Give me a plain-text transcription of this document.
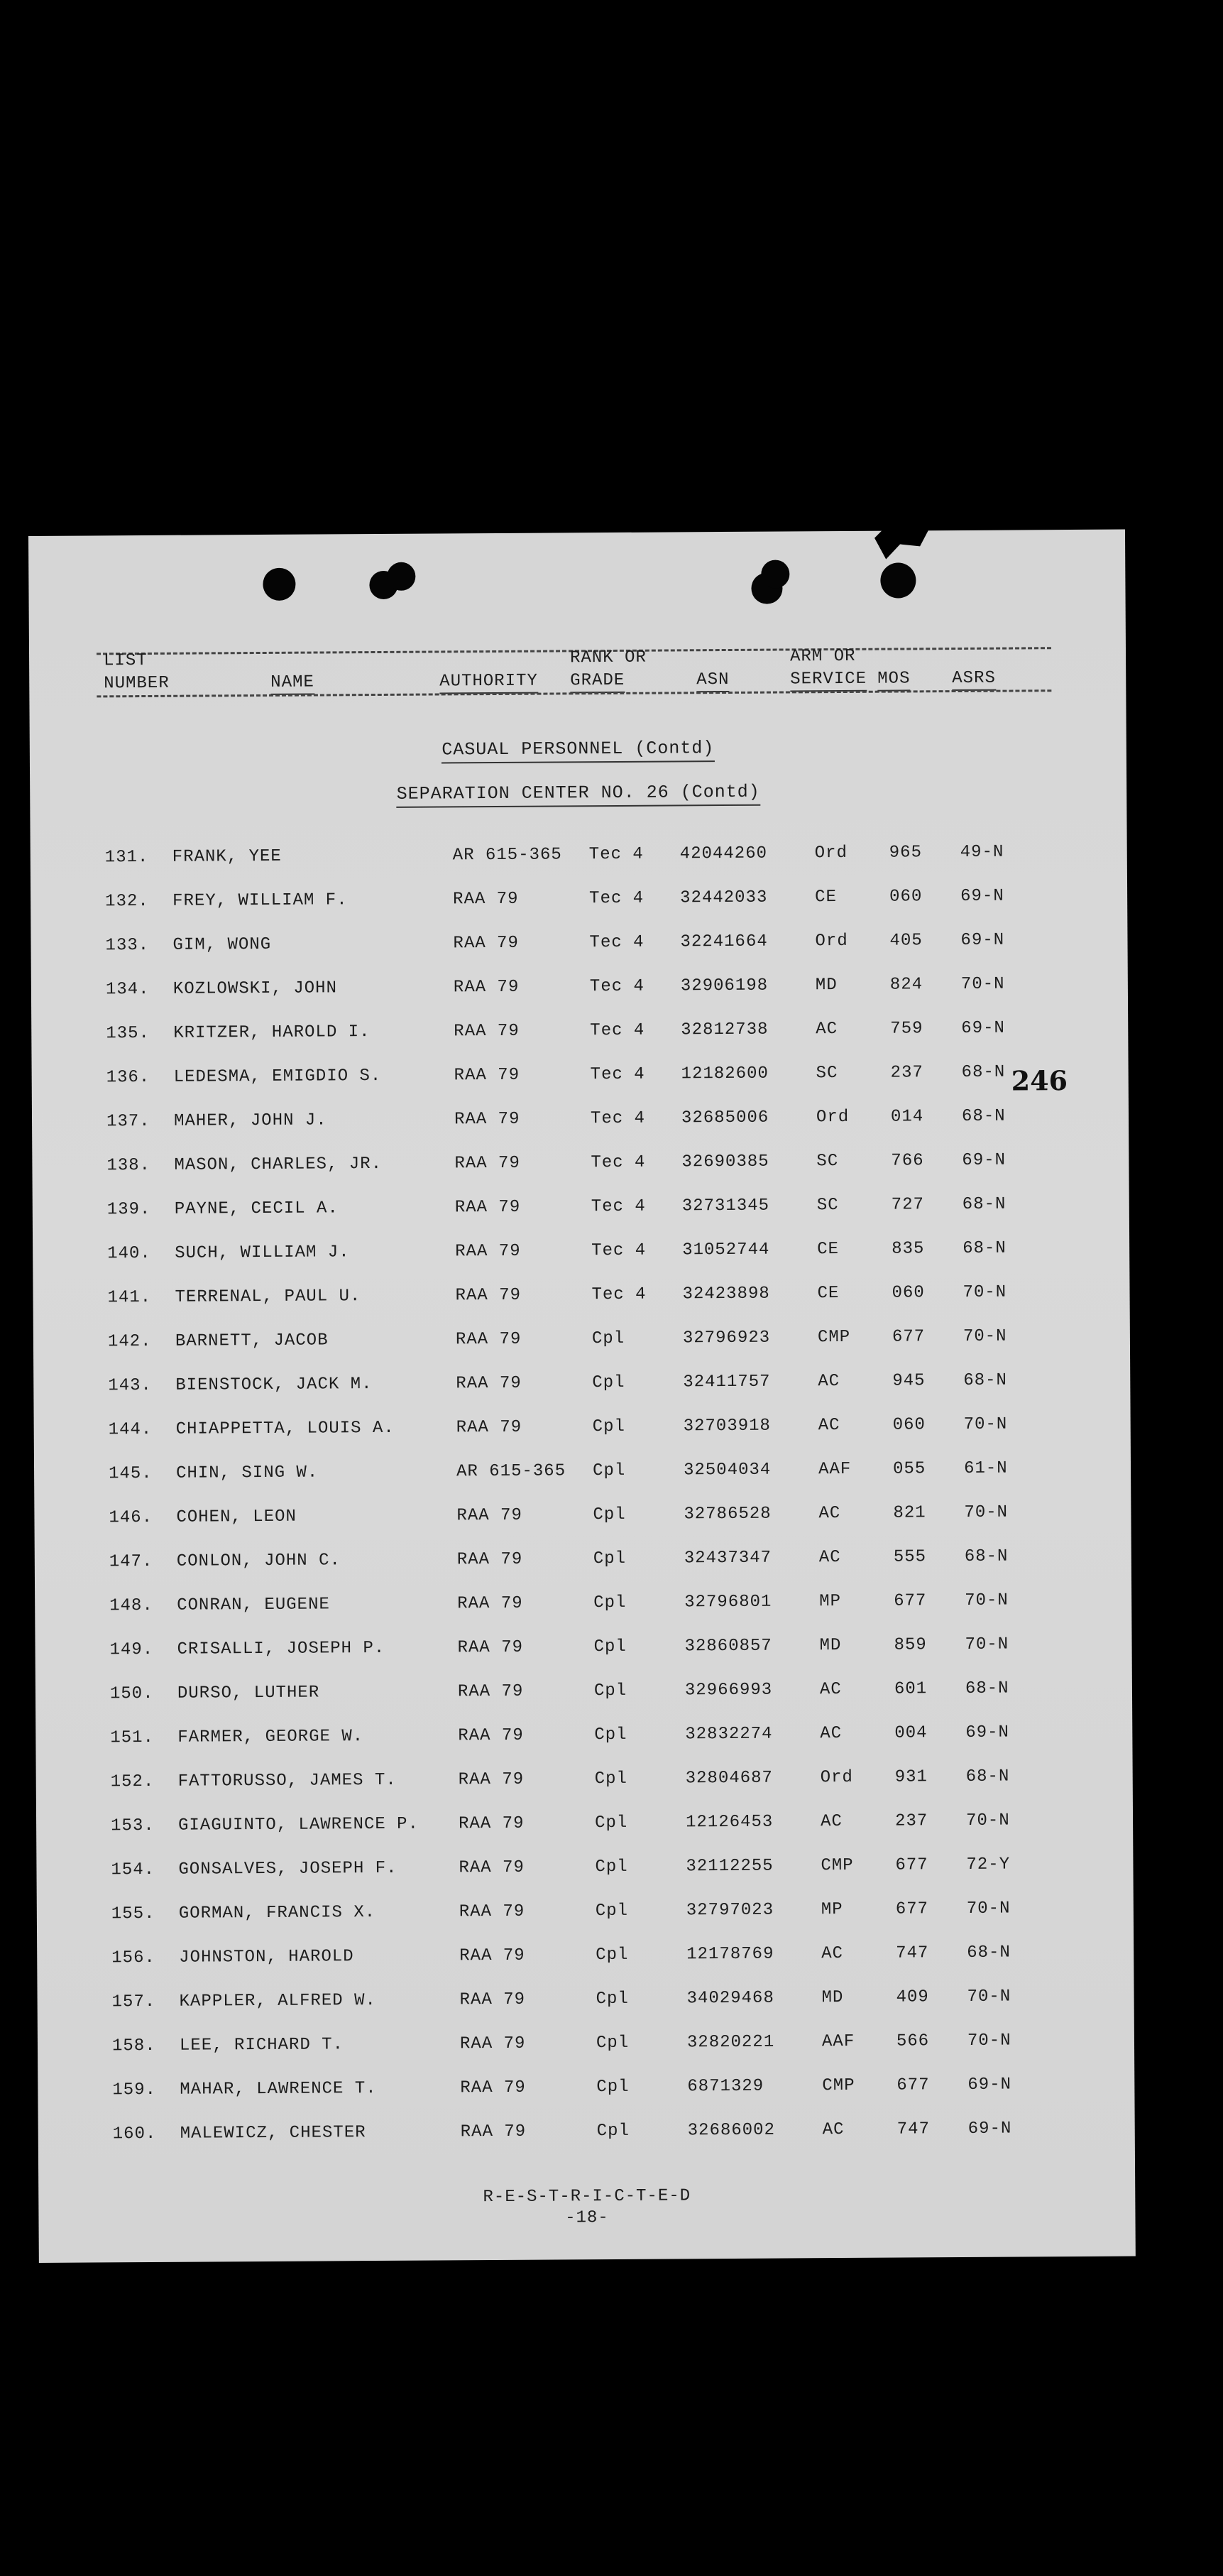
LIST
NUMBER	NAME	AUTHORITY
RANK OR
GRADE	ASN
ARM OR
SERVICE MOS ASRS
CASUAL PERSONNEL (Contd)
SEPARATION CENTER NO. 26 (Contd)
131. FRANK, YEE	AR 615-365 Tec 4 42044260	Ord 965 49-N
132. FREY, WILLIAM F.	RAA 79	Tec 4 32442033	CE	060 69-N
133. GIM, WONG	RAA 79	Tec 4 32241664	Ord 405 69-N
134. KOZLOWSKI, JOHN	RAA 79	Tec 4 32906198	MD	824 70-N
135. KRITZER, HAROLD I.	RAA 79	Tec 4 32812738	AC	759 69-N
136. LEDESMA, EMIGDIO S.	RAA 79	Tec 4 12182600	SC	237 68-N
137. MAHER, JOHN J.	RAA 79	Tec 4 32685006	Ord 014 68-N
138. MASON, CHARLES, JR.	RAA 79	Tec 4 32690385	SC	766 69-N
139. PAYNE, CECIL A.	RAA 79	Tec 4 32731345	SC	727 68-N
140. SUCH, WILLIAM J.	RAA 79	Tec 4 31052744	CE	835 68-N
141. TERRENAL, PAUL U.	RAA 79	Tec 4 32423898	CE	060 70-N
142. BARNETT, JACOB	RAA 79	Cpl	32796923	CMP 677 70-N
143. BIENSTOCK, JACK M.	RAA 79	Cpl	32411757	AC	945 68-N
144. CHIAPPETTA, LOUIS A.	RAA 79	Cpl	32703918	AC	060 70-N
145. CHIN, SING W.	AR 615-365 Cpl	32504034	AAF 055 61-N
146. COHEN, LEON	RAA 79	Cpl	32786528	AC	821 70-N
147. CONLON, JOHN C.	RAA 79	Cpl	32437347	AC	555 68-N
148. CONRAN, EUGENE	RAA 79	Cpl	32796801	MP	677 70-N
149. CRISALLI, JOSEPH P.	RAA 79	Cpl	32860857	MD	859 70-N
150. DURSO, LUTHER	RAA 79	Cpl	32966993	AC	601 68-N
151. FARMER, GEORGE W.	RAA 79	Cpl	32832274	AC	004 69-N
152. FATTORUSSO, JAMES T.	RAA 79	Cpl	32804687	Ord 931 68-N
153. GIAGUINTO, LAWRENCE P. RAA 79	Cpl	12126453	AC	237 70-N
154. GONSALVES, JOSEPH F.	RAA 79	Cpl	32112255	CMP 677 72-Y
155. GORMAN, FRANCIS X.	RAA 79	Cpl	32797023	MP	677 70-N
156. JOHNSTON, HAROLD	RAA 79	Cpl	12178769	AC	747 68-N
157. KAPPLER, ALFRED W.	RAA 79	Cpl	34029468	MD	409 70-N
158. LEE, RICHARD T.	RAA 79	Cpl	32820221	AAF 566 70-N
159. MAHAR, LAWRENCE T.	RAA 79	Cpl	6871329	CMP 677 69-N
160. MALEWICZ, CHESTER	RAA 79	Cpl	32686002	AC	747 69-N
246
R-E-S-T-R-I-C-T-E-D
-18-
